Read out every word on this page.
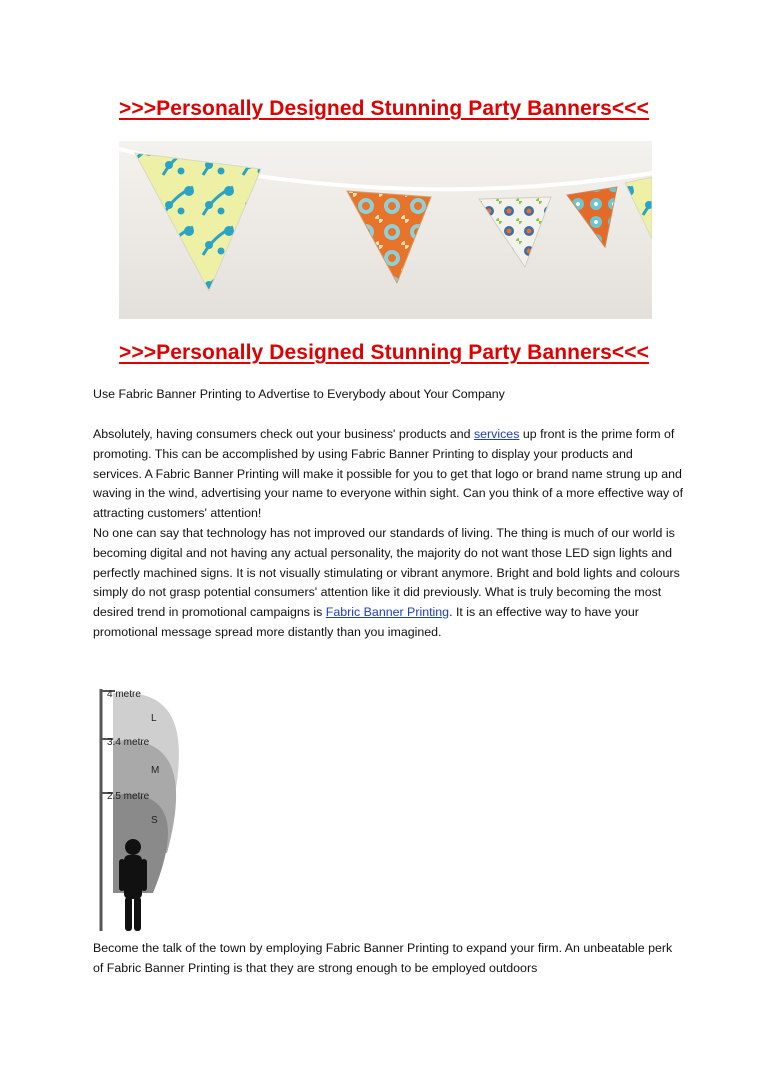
>>>Personally Designed Stunning Party Banners<<<
>>>Personally Designed Stunning Party Banners<<<
Use Fabric Banner Printing to Advertise to Everybody about Your Company
Absolutely, having consumers check out your business' products and services up front is the prime form of promoting. This can be accomplished by using Fabric Banner Printing to display your products and services. A Fabric Banner Printing will make it possible for you to get that logo or brand name strung up and waving in the wind, advertising your name to everyone within sight. Can you think of a more effective way of attracting customers' attention!
No one can say that technology has not improved our standards of living. The thing is much of our world is becoming digital and not having any actual personality, the majority do not want those LED sign lights and perfectly machined signs. It is not visually stimulating or vibrant anymore. Bright and bold lights and colours simply do not grasp potential consumers' attention like it did previously. What is truly becoming the most desired trend in promotional campaigns is Fabric Banner Printing. It is an effective way to have your promotional message spread more distantly than you imagined.
4 metre
L
3.4 metre
M
2.5 metre
S
Become the talk of the town by employing Fabric Banner Printing to expand your firm. An unbeatable perk of Fabric Banner Printing is that they are strong enough to be employed outdoors
